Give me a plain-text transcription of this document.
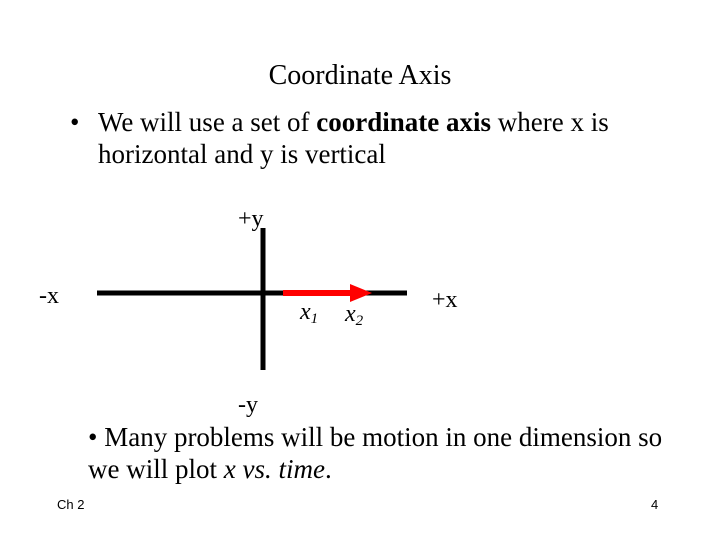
Coordinate Axis
• We will use a set of coordinate axis where x is horizontal and y is vertical
+y
-x	+x
-y
$x_1$ $x_2$
• Many problems will be motion in one dimension so we will plot x vs. time.
Ch 2	4
